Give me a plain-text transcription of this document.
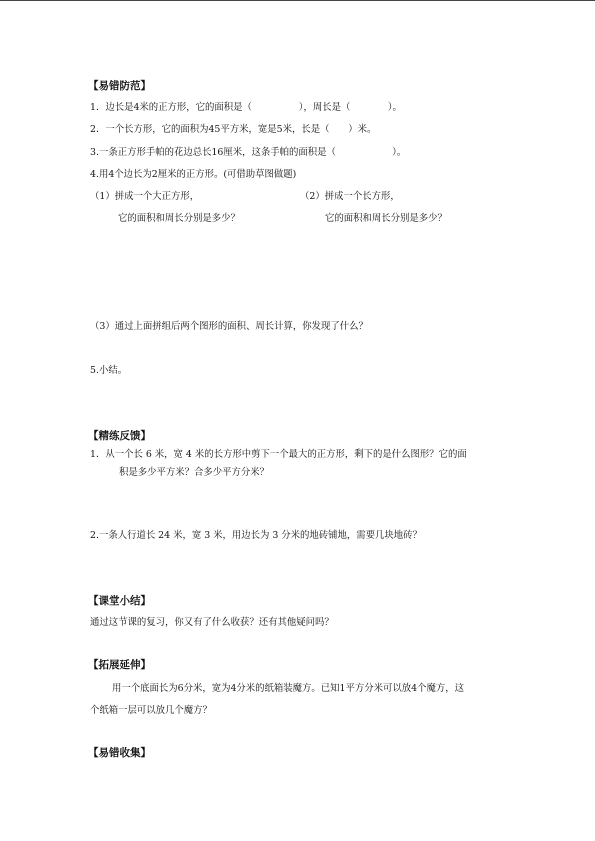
【易错防范】
1．边长是4米的正方形，它的面积是（　　　　　），周长是（　　　　）。
2．一个长方形，它的面积为45平方米，宽是5米，长是（　　）米。
3.一条正方形手帕的花边总长16厘米，这条手帕的面积是（　　　　　　）。
4.用4个边长为2厘米的正方形。(可借助草图做题)
（1）拼成一个大正方形，
它的面积和周长分别是多少？
（2）拼成一个长方形，
它的面积和周长分别是多少？
（3）通过上面拼组后两个图形的面积、周长计算，你发现了什么？
5.小结。
【精练反馈】
1．从一个长 6 米，宽 4 米的长方形中剪下一个最大的正方形，剩下的是什么图形？它的面
积是多少平方米？合多少平方分米？
2.一条人行道长 24 米，宽 3 米，用边长为 3 分米的地砖铺地，需要几块地砖？
【课堂小结】
通过这节课的复习，你又有了什么收获？还有其他疑问吗？
【拓展延伸】
用一个底面长为6分米，宽为4分米的纸箱装魔方。已知1平方分米可以放4个魔方，这
个纸箱一层可以放几个魔方？
【易错收集】
